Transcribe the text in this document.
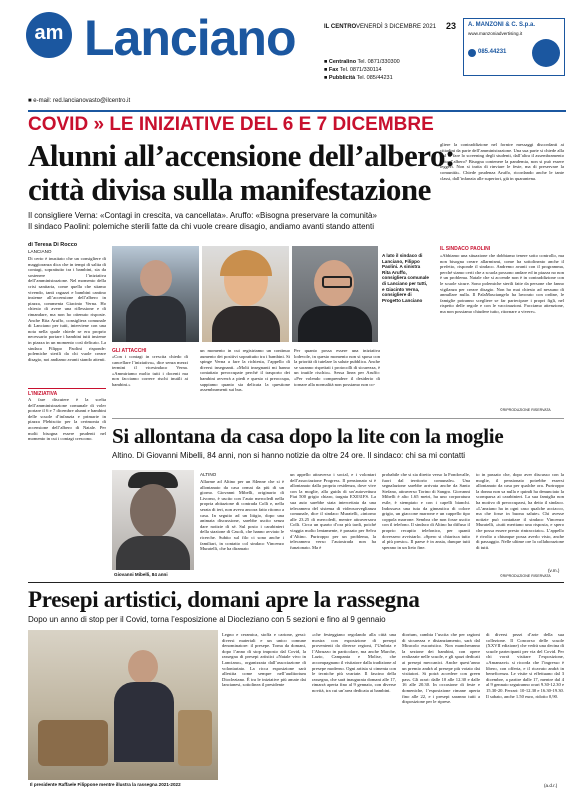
am Lanciano	IL CENTRO VENERDÌ 3 DICEMBRE 2021 23
■ Centralino Tel. 0871/330300
■ Fax Tel. 0871/330114
■ Pubblicità Tel. 085/44231
A. MANZONI & C. S.p.a.
www.manzoniadvertising.it
085.44231
■ e-mail: red.lancianovasto@ilcentro.it
COVID » LE INIZIATIVE DEL 6 E 7 DICEMBRE
Alunni all’accensione dell’albero:
città divisa sulla manifestazione
Il consigliere Verna: «Contagi in crescita, va cancellata». Aruffo: «Bisogna preservare la comunità»
Il sindaco Paolini: polemiche sterili fatte da chi vuole creare disagio, andiamo avanti stando attenti
di Teresa Di Rocco
LANCIANO
Di certo è inusitato che un consigliere di maggioranza dica che in tempi di salita di contagi, soprattutto tra i bambini, sia da sostenere l’iniziativa dell’amministrazione. Nel momento della crisi sanitaria, come quella che stiamo vivendo, tanti ragazzi e bambini cantino insieme all’accensione dell’albero in piazza, commenta Giacinto Verna. Ho chiesto di avere una riflessione e di rimandare, ma non ho ottenuto risposte. Anche Rita Aruffo, consigliera comunale di Lanciano per tutti, interviene con una nota nella quale chiede se era proprio necessario portare i bambini tutti insieme in piazza in un momento così delicato. La sindaca Filippo Paolini risponde: polemiche sterili da chi vuole creare disagio, noi andiamo avanti stando attenti.
L’INIZIATIVA
A fare discutere è la scelta dell’amministrazione comunale di voler portare il 6 e 7 dicembre alunni e bambini delle scuole d’infanzia e primarie in piazza Plebiscito per la cerimonia di accensione dell’albero di Natale. Per molti bisogna essere prudenti nel momento in cui i contagi crescono.
A lato il sindaco di Lanciano, Filippo Paolini. A sinistra Rita Aruffo, consigliera comunale di Lanciano per tutti, e Giacinto Verna, consigliere di Progetto Lanciano
GLI ATTACCHI
«Con i contagi in crescita chiedo di cancellare l’iniziativa», dice senza mezzi termini il vicesindaco Verna. «Ammiriamo molto tutti i docenti ma non facciamo correre rischi inutili ai bambini.»
un momento in cui registriamo un continuo aumento dei positivi soprattutto tra i bambini. Si spinge Verna a fare la richiesta, l’appello di diversi insegnanti. «Molti insegnanti mi hanno contattato preoccupate perché il trasporto dei bambini avverrà a piedi e questo ci preoccupa, sappiamo quanto sia delicata la questione assembramenti sui bus.
Per quanto possa essere una iniziativa lodevole, in questo momento non si sposa con la priorità di tutelare la salute pubblica. Anche se saranno rispettati i protocolli di sicurezza, è un inutile rischio». Sessa linea per Aruffo: «Per volendo comprendere il desiderio di tornare alla normalità non possiamo non co-
gliere la contraddizione nel fornire messaggi discordanti ai cittadini da parte dell’amministrazione. Una sua parte si chiede alla Asl di fare lo screening degli studenti, dall’altra il assembramento sotto l’albero? Bisogna contenere la pandemia, non si può essere leggeri. Non si tratta di rinviare le feste, ma di preservare la comunità». Chiede prudenza Aruffo, ricordando anche le tante classi, dall’infanzia alle superiori, già in quarantena.
IL SINDACO PAOLINI
«Abbiamo una situazione che dobbiamo tenere sotto controllo, ma non bisogna creare allarmismi, come ha sottolineato anche il prefetto, risponde il sindaco. Andremo avanti con il programma, perché siamo certi che a scuola possono andare ed in piazza no non è un problema. Natale che si accende non è in contraddizione con le scuole sicure. Sono polemiche sterili fatte da persone che fanno vigilanza per creare disagio. Non ho mai chiesto ad nessuno di annullare nulla. Il PalaMasciangelo ha lavorato con ordine, le famiglie potranno scegliere se far partecipare i propri figli, nel rispetto delle regole e con le vaccinazioni. Facciamo attenzione, ma non possiamo chiudere tutto, ritornare a vivere».
©RIPRODUZIONE RISERVATA
Si allontana da casa dopo la lite con la moglie
Altino. Di Giovanni Mibelli, 84 anni, non si hanno notizie da oltre 24 ore. Il sindaco: chi sa mi contatti
Giovanni Mibelli, 84 anni
ALTINO
Allarme ad Altino per un 84enne che si è allontanato da casa ormai da più di un giorno. Giovanni Mibelli, originario di Livorno, è uscito con l’auto mercoledì nella propria abitazione di contrada Colli e, nella serata di ieri, non aveva ancora fatto ritorno a casa. In seguito ad un litigio, dopo una animata discussione, sarebbe uscito senza dare notizie di sé. Sul posto i carabinieri della stazione di Casoli, che hanno avviato le ricerche. Subito sul filo ci sono anche i familiari, in contatto col sindaco Vincenzo Muratelli, che ha diramato
un appello attraverso i social, e i volontari dell’associazione Progress. Il pensionato si è allontanato dalla propria residenza, dove vive con la moglie, alla guida di un’autovettura Fiat 500 grigio chiaro, targata EX031FS. La sua auto sarebbe stata intercettata da una telecamera del sistema di videosorveglianza comunale, dice il sindaco Muratelli, «intorno alle 23.25 di mercoledì, mentre attraversava Colli. Circa un quarto d’ora più tardi, poiché viaggia molto lentamente, è passato per Selva d’Altino. Purtroppo per un problema, la telecamera verso l’autostrada non ha funzionato. Ma è
probabile che si sia diretto verso la Fondovalle, fuori dal territorio comunale». Una segnalazione sarebbe arrivata anche da Santo Stefano, attraverso Torino di Sangro. Giovanni Mibelli è alto 1.65 metri, ha uno corporatura esile, è stempiato e con i capelli bianchi. Indossava una tuta da ginnastica di colore grigio, un giaccone marrone e un cappello tipo coppola marrone. Sembra che non fosse uscito con il telefono. Il sindaco di Altino ha diffuso il proprio recapito telefonico, per quanti dovessero avvistarlo. «Spero si chiarisca tutto al più presto». Il paese è in ansia, dunque tutti sperano in un lieto fine.
to in passato che, dopo aver discusso con la moglie, il pensionato potrebbe essersi allontanato da casa per qualche ora. Purtroppo la donna non sa nulla e quindi ha denunciato la scomparsa ai carabinieri. La sua famiglia non ha motivo di preoccuparsi, ha detto il sindaco. «L’anziano ha in ogni caso qualche acciacco, ma che fosse in buona salute» Chi avesse notizie può contattare il sindaco Vincenzo Muratelli, «tutti meritano una risposta, e spero che possa essere presto rintracciato». L’appello è rivolto a chiunque possa averlo visto, anche di passaggio. Nelle ultime ore la collaborazione di tutti.
(v.m.)
©RIPRODUZIONE RISERVATA
Presepi artistici, domani apre la rassegna
Dopo un anno di stop per il Covid, torna l’esposizione al Diocleziano con 5 sezioni e fino al 9 gennaio
Il presidente Raffaele Filippone mentre illustra la rassegna 2021-2022
Legno e ceramica, stoffa e cartone, gessi: diversi materiali e un unico comune denominatore: il presepe. Torna da domani, dopo l’anno di stop imposto dal Covid, la rassegna di presepi artistici «Natale vivo in Lanciano», organizzata dall’associazione di volontariato. La ricca esposizione sarà allestita come sempre nell’auditorium Diocleziano. È tra le iniziative più amate dai lancianesi, sottolinea il presidente
«che festeggiano regolando alla città una mostra con esposizione di presepi provenienti da diverse regioni, l’Umbria e l’Abruzzo in particolare, ma anche Marche, Lazio, Campania e Molise, che accompagnano il visitatore dalla tradizione al presepe moderno. Ogni artista si cimenta con le tecniche più svariate. Il fascino della rassegna, che sarà inaugurata domani alle 17, rimarrà aperta fino al 9 gennaio, con diverse novità, tra cui un’area dedicata ai bambini.
diorium, cambia l’uscita che per ragioni di sicurezza e distanziamento, sarà dal Miracolo eucaristico. Non mancheranno la sezione dei bambini, con opere realizzate nelle scuole, e gli spazi dedicati ai presepi meccanici. Anche quest’anno un premio andrà al presepe più votato dai visitatori. Si potrà accedere con green pass. Gli orari: dalle 10 alle 12.30 e dalle 16 alle 20.30. In occasione di feste e domeniche, l’esposizione rimane aperta fino alle 22, e i presepi saranno tutti a disposizione per le riprese.
di diversi pezzi d’arte della sua collezione. Il Concorso delle scuole (XXVII edizione) che vedrà una decina di scuole partecipanti per via del Covid. Per chi vorrà visitare l’esposizione, «Amanzavi» si ricorda che l’ingresso è libero, con offerta, e il ricavato andrà in beneficenza. Le visite si effettuano dal 3 dicembre, a partire dalle 17, mentre dal 4 al 9 gennaio seguiranno orari 9.30-12.30 e 15.30-20. Ferrari: 10-12.30 e 16.30-19.30. Il sabato, anche 1.50 euro, ridotto 0,90.
(a.d.r.)
